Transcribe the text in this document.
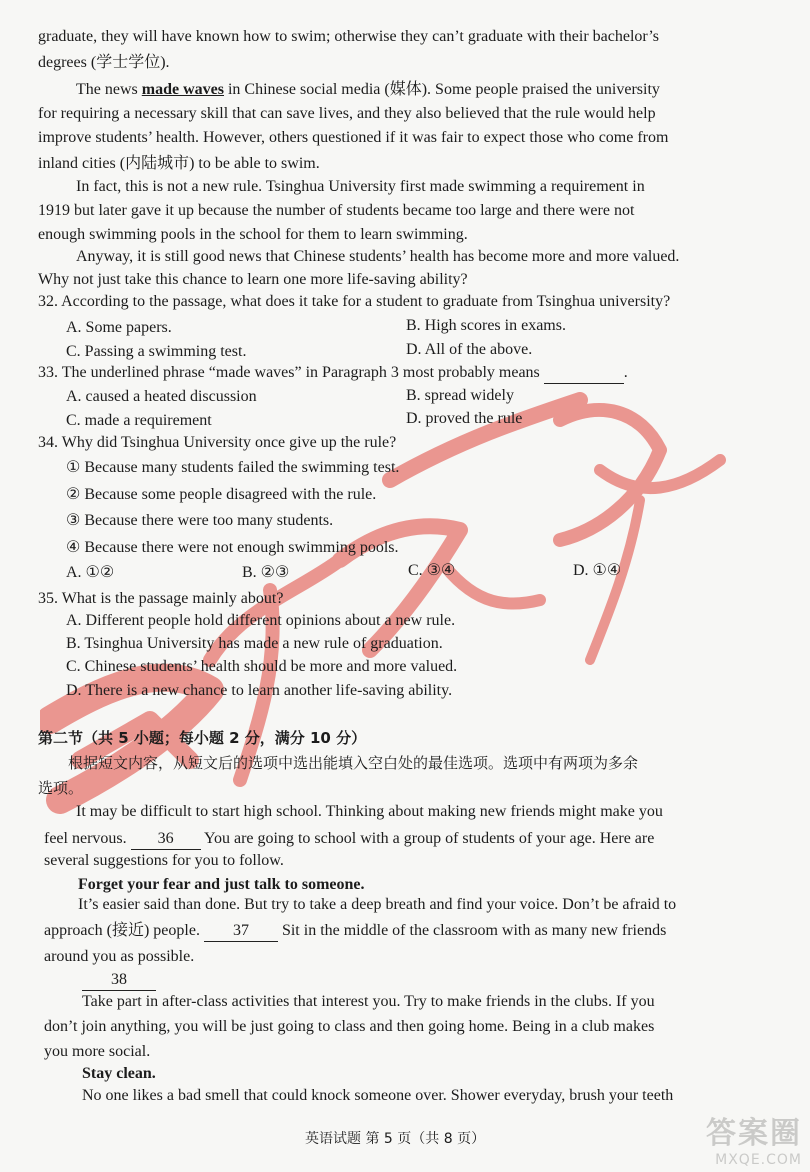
graduate, they will have known how to swim; otherwise they can’t graduate with their bachelor’s
degrees (学士学位).
The news made waves in Chinese social media (媒体). Some people praised the university
for requiring a necessary skill that can save lives, and they also believed that the rule would help
improve students’ health. However, others questioned if it was fair to expect those who come from
inland cities (内陆城市) to be able to swim.
In fact, this is not a new rule. Tsinghua University first made swimming a requirement in
1919 but later gave it up because the number of students became too large and there were not
enough swimming pools in the school for them to learn swimming.
Anyway, it is still good news that Chinese students’ health has become more and more valued.
Why not just take this chance to learn one more life-saving ability?
32. According to the passage, what does it take for a student to graduate from Tsinghua university?
A. Some papers.	B. High scores in exams.
C. Passing a swimming test.	D. All of the above.
33. The underlined phrase “made waves” in Paragraph 3 most probably means	.
A. caused a heated discussion	B. spread widely
C. made a requirement	D. proved the rule
34. Why did Tsinghua University once give up the rule?
① Because many students failed the swimming test.
② Because some people disagreed with the rule.
③ Because there were too many students.
④ Because there were not enough swimming pools.
A. ①②	B. ②③	C. ③④	D. ①④
35. What is the passage mainly about?
A. Different people hold different opinions about a new rule.
B. Tsinghua University has made a new rule of graduation.
C. Chinese students’ health should be more and more valued.
D. There is a new chance to learn another life-saving ability.
第二节（共 5 小题；每小题 2 分，满分 10 分）
根据短文内容，从短文后的选项中选出能填入空白处的最佳选项。选项中有两项为多余
选项。
It may be difficult to start high school. Thinking about making new friends might make you
feel nervous. 36 You are going to school with a group of students of your age. Here are
several suggestions for you to follow.
Forget your fear and just talk to someone.
It’s easier said than done. But try to take a deep breath and find your voice. Don’t be afraid to
approach (接近) people. 37 Sit in the middle of the classroom with as many new friends
around you as possible.
38
Take part in after-class activities that interest you. Try to make friends in the clubs. If you
don’t join anything, you will be just going to class and then going home. Being in a club makes
you more social.
Stay clean.
No one likes a bad smell that could knock someone over. Shower everyday, brush your teeth
英语试题 第 5 页（共 8 页）	答案圈
MXQE.COM
